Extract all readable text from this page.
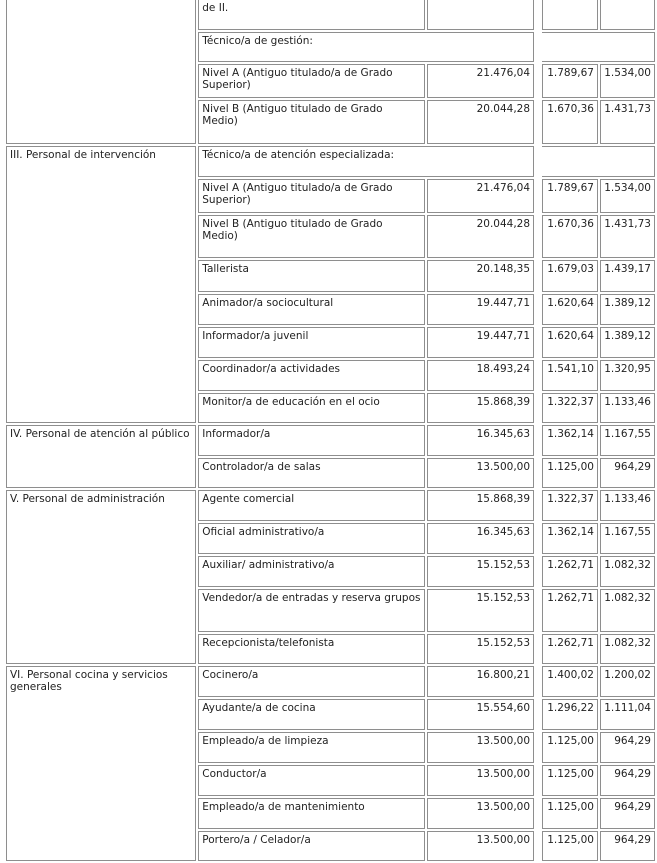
	de II.				
	Técnico/a de gestión:				
	Nivel A (Antiguo titulado/a de Grado Superior)	21.476,04		1.789,67	1.534,00
	Nivel B (Antiguo titulado de Grado Medio)	20.044,28		1.670,36	1.431,73
III. Personal de intervención	Técnico/a de atención especializada:				
	Nivel A (Antiguo titulado/a de Grado Superior)	21.476,04		1.789,67	1.534,00
	Nivel B (Antiguo titulado de Grado Medio)	20.044,28		1.670,36	1.431,73
	Tallerista	20.148,35		1.679,03	1.439,17
	Animador/a sociocultural	19.447,71		1.620,64	1.389,12
	Informador/a juvenil	19.447,71		1.620,64	1.389,12
	Coordinador/a actividades	18.493,24		1.541,10	1.320,95
	Monitor/a de educación en el ocio	15.868,39		1.322,37	1.133,46
IV. Personal de atención al público	Informador/a	16.345,63		1.362,14	1.167,55
	Controlador/a de salas	13.500,00		1.125,00	964,29
V. Personal de administración	Agente comercial	15.868,39		1.322,37	1.133,46
	Oficial administrativo/a	16.345,63		1.362,14	1.167,55
	Auxiliar/ administrativo/a	15.152,53		1.262,71	1.082,32
	Vendedor/a de entradas y reserva grupos	15.152,53		1.262,71	1.082,32
	Recepcionista/telefonista	15.152,53		1.262,71	1.082,32
VI. Personal cocina y servicios generales	Cocinero/a	16.800,21		1.400,02	1.200,02
	Ayudante/a de cocina	15.554,60		1.296,22	1.111,04
	Empleado/a de limpieza	13.500,00		1.125,00	964,29
	Conductor/a	13.500,00		1.125,00	964,29
	Empleado/a de mantenimiento	13.500,00		1.125,00	964,29
	Portero/a / Celador/a	13.500,00		1.125,00	964,29
